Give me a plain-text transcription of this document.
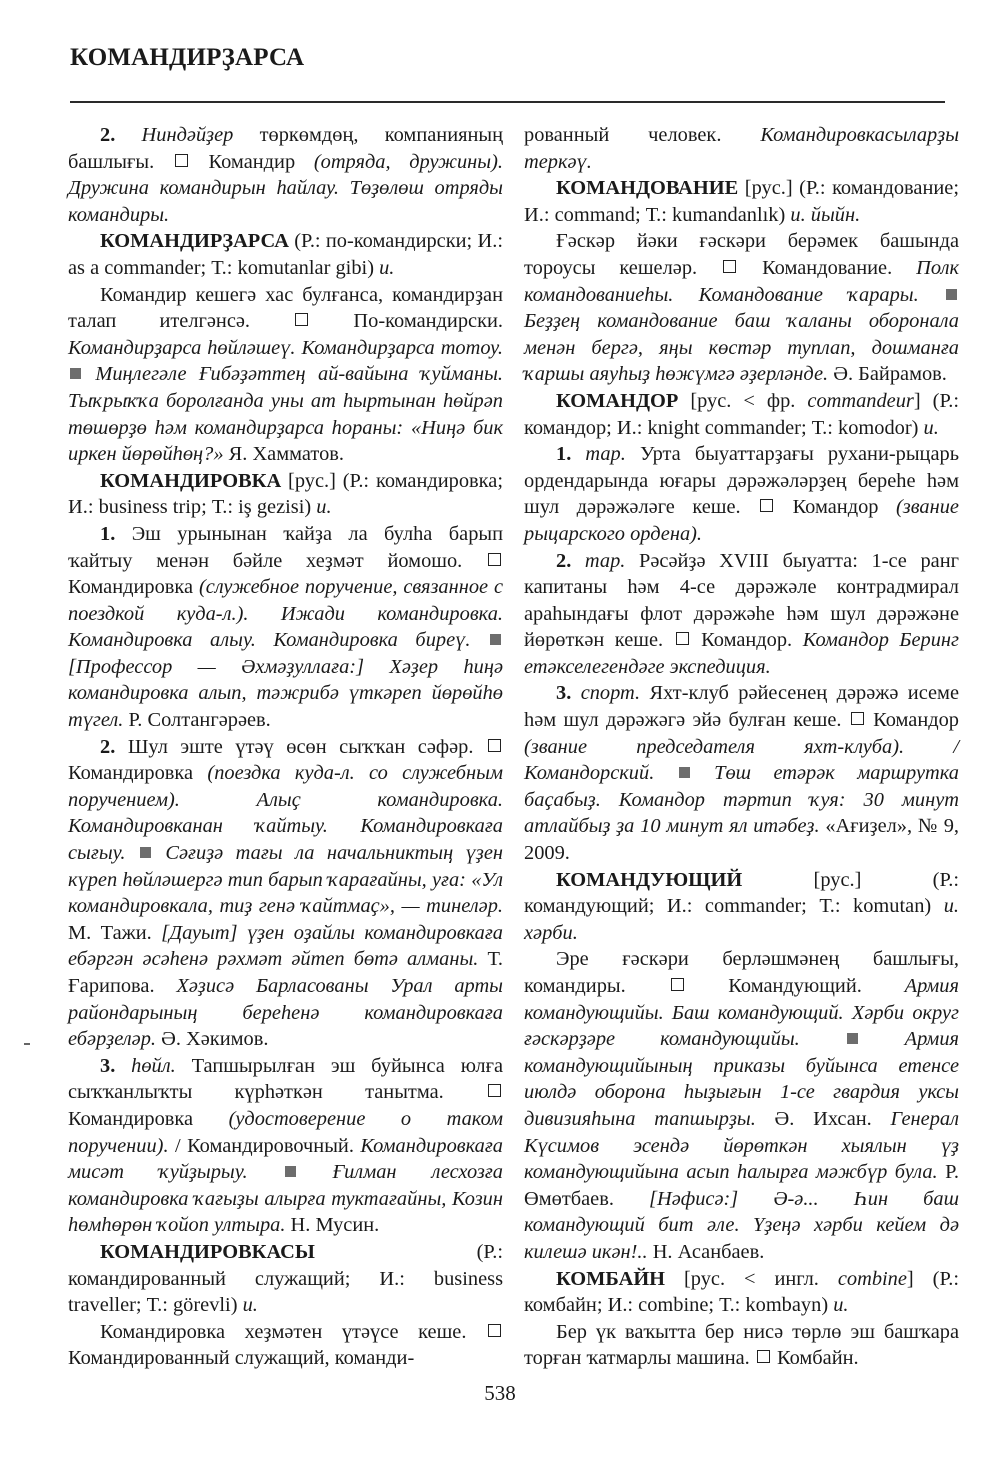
КОМАНДИРҘАРСА

2. Ниндәйҙер төркөмдөң, компанияның башлығы.  Командир (отряда, дружины). Дружина командирын һайлау. Төҙөлөш отряды командиры.

КОМАНДИРҘАРСА (Р.: по-командирски; И.: as a commander; Т.: komutanlar gibi) и.

Командир кешегә хас булғанса, командирҙан талап ителгәнсә.  По-командирски. Командирҙарса һөйләшеү. Командирҙарса тотоу.  Миңлегәле Ғибәҙәттең ай-вайына ҡуйманы. Тыҡрыҡҡа боролғанда уны ат һыртынан һөйрәп төшөрҙө һәм командирҙарса һораны: «Ниңә бик иркен йөрөйһөң?» Я. Хамматов.

КОМАНДИРОВКА [рус.] (Р.: командировка; И.: business trip; Т.: iş gezisi) и.

1. Эш урынынан ҡайҙа ла булһа барып ҡайтыу менән бәйле хеҙмәт йомошо.  Командировка (служебное поручение, связанное с поездкой куда-л.). Ижади командировка. Командировка алыу. Командировка биреү.  [Профессор — Әхмәҙуллаға:] Хәҙер һиңә командировка алып, тәжрибә үткәреп йөрөйһө түгел. Р. Солтангәрәев.

2. Шул эште үтәү өсөн сыҡҡан сәфәр.  Командировка (поездка куда-л. со служебным поручением). Алыҫ командировка. Командировканан ҡайтыу. Командировкаға сығыу.  Сәғиҙә тағы ла начальниктың үҙен күреп һөйләшергә тип барып ҡарағайны, уға: «Ул командировкала, тиҙ генә ҡайтмаҫ», — тинеләр. М. Тажи. [Дауыт] үҙен оҙайлы командировкаға ебәргән әсәһенә рәхмәт әйтеп бөтә алманы. Т. Ғарипова. Хәҙисә Барласованы Урал арты райондарының береһенә командировкаға ебәрҙеләр. Ә. Хәкимов.

3. һөйл. Тапшырылған эш буйынса юлға сыҡҡанлыҡты күрһәткән танытма.  Командировка (удостоверение о таком поручении). / Командировочный. Командировкаға мисәт ҡуйҙырыу.  Ғилман лесхозға командировка ҡағыҙы алырға туктағайны, Козин һөмһөрөн ҡойоп ултыра. Н. Мусин.

КОМАНДИРОВКАСЫ (Р.: командированный служащий; И.: business traveller; Т.: görevli) и.

Командировка хеҙмәтен үтәүсе кеше.  Командированный служащий, команди-

рованный человек. Командировкасыларҙы теркәү.

КОМАНДОВАНИЕ [рус.] (Р.: командование; И.: command; Т.: kumandanlık) и. йыйн.

Ғәскәр йәки ғәскәри берәмек башында тороусы кешеләр.  Командование. Полк командованиеһы. Командование ҡарары.  Беҙҙең командование баш ҡаланы оборонала менән бергә, яңы көстәр туплап, дошманға ҡаршы аяуһыҙ һөжүмгә әҙерләнде. Ә. Байрамов.

КОМАНДОР [рус. < фр. commandeur] (Р.: командор; И.: knight commander; Т.: komodor) и.

1. тар. Урта быуаттарҙағы рухани-рыцарь ордендарында юғары дәрәжәләрҙең береһе һәм шул дәрәжәләге кеше.  Командор (звание рыцарского ордена).

2. тар. Рәсәйҙә XVIII быуатта: 1-се ранг капитаны һәм 4-се дәрәжәле контрадмирал араһындағы флот дәрәжәһе һәм шул дәрәжәне йөрөткән кеше.  Командор. Командор Беринг етәкселегендәге экспедиция.

3. спорт. Яхт-клуб рәйесенең дәрәжә исеме һәм шул дәрәжәгә эйә булған кеше.  Командор (звание председателя яхт-клуба). / Командорский.  Төш етәрәк маршрутка баҫабыҙ. Командор тәртип ҡуя: 30 минут атлайбыҙ ҙа 10 минут ял итәбеҙ. «Ағиҙел», № 9, 2009.

КОМАНДУЮЩИЙ [рус.] (Р.: командующий; И.: commander; Т.: komutan) и. хәрби.

Эре ғәскәри берләшмәнең башлығы, командиры.  Командующий. Армия командующийы. Баш командующий. Хәрби округ ғәскәрҙәре командующийы.  Армия командующийының приказы буйынса етенсе июлдә оборона һыҙығын 1-се гвардия уксы дивизияһына тапшырҙы. Ә. Ихсан. Генерал Күсимов эсендә йөрөткән хыялын үҙ командующийына асып һалырға мәжбүр була. Р. Өмөтбаев. [Нәфисә:] Ә-ә... Һин баш командующий бит әле. Үҙеңә хәрби кейем дә килешә икән!.. Н. Асанбаев.

КОМБАЙН [рус. < ингл. combine] (Р.: комбайн; И.: combine; Т.: kombayn) и.

Бер үк ваҡытта бер нисә төрлө эш башҡара торған ҡатмарлы машина.  Комбайн.

538
